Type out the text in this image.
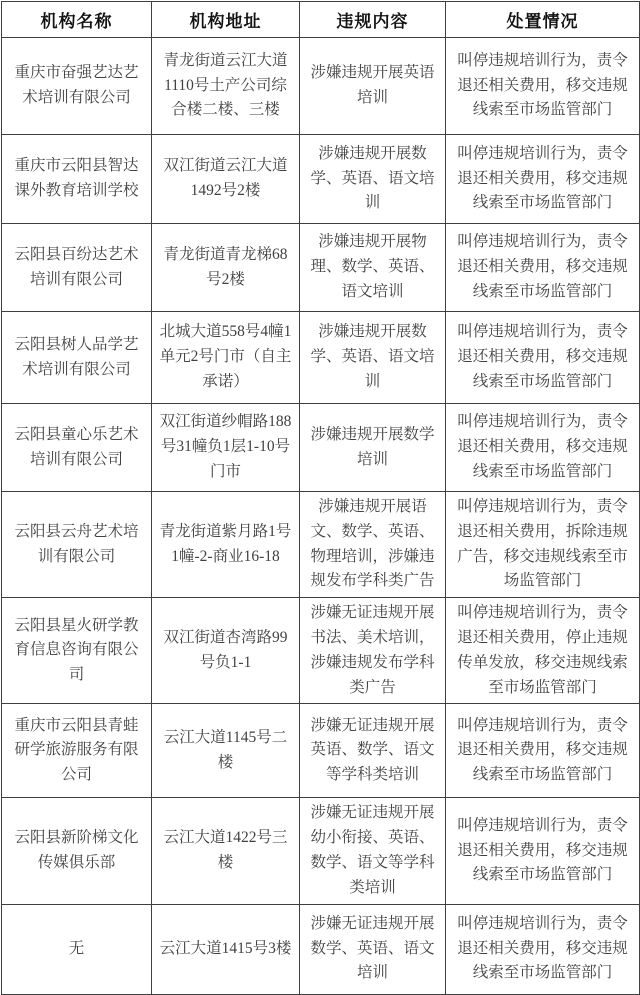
机构名称	机构地址	违规内容	处置情况
重庆市奋强艺达艺术培训有限公司	青龙街道云江大道1110号土产公司综合楼二楼、三楼	涉嫌违规开展英语培训	叫停违规培训行为，责令退还相关费用，移交违规线索至市场监管部门
重庆市云阳县智达课外教育培训学校	双江街道云江大道1492号2楼	涉嫌违规开展数学、英语、语文培训	叫停违规培训行为，责令退还相关费用，移交违规线索至市场监管部门
云阳县百纷达艺术培训有限公司	青龙街道青龙梯68号2楼	涉嫌违规开展物理、数学、英语、语文培训	叫停违规培训行为，责令退还相关费用，移交违规线索至市场监管部门
云阳县树人品学艺术培训有限公司	北城大道558号4幢1单元2号门市（自主承诺）	涉嫌违规开展数学、英语、语文培训	叫停违规培训行为，责令退还相关费用，移交违规线索至市场监管部门
云阳县童心乐艺术培训有限公司	双江街道纱帽路188号31幢负1层1-10号门市	涉嫌违规开展数学培训	叫停违规培训行为，责令退还相关费用，移交违规线索至市场监管部门
云阳县云舟艺术培训有限公司	青龙街道紫月路1号1幢-2-商业16-18	涉嫌违规开展语文、数学、英语、物理培训，涉嫌违规发布学科类广告	叫停违规培训行为，责令退还相关费用，拆除违规广告，移交违规线索至市场监管部门
云阳县星火研学教育信息咨询有限公司	双江街道杏湾路99号负1-1	涉嫌无证违规开展书法、美术培训，涉嫌违规发布学科类广告	叫停违规培训行为，责令退还相关费用，停止违规传单发放，移交违规线索至市场监管部门
重庆市云阳县青蛙研学旅游服务有限公司	云江大道1145号二楼	涉嫌无证违规开展英语、数学、语文等学科类培训	叫停违规培训行为，责令退还相关费用，移交违规线索至市场监管部门
云阳县新阶梯文化传媒俱乐部	云江大道1422号三楼	涉嫌无证违规开展幼小衔接、英语、数学、语文等学科类培训	叫停违规培训行为，责令退还相关费用，移交违规线索至市场监管部门
无	云江大道1415号3楼	涉嫌无证违规开展数学、英语、语文培训	叫停违规培训行为，责令退还相关费用，移交违规线索至市场监管部门
